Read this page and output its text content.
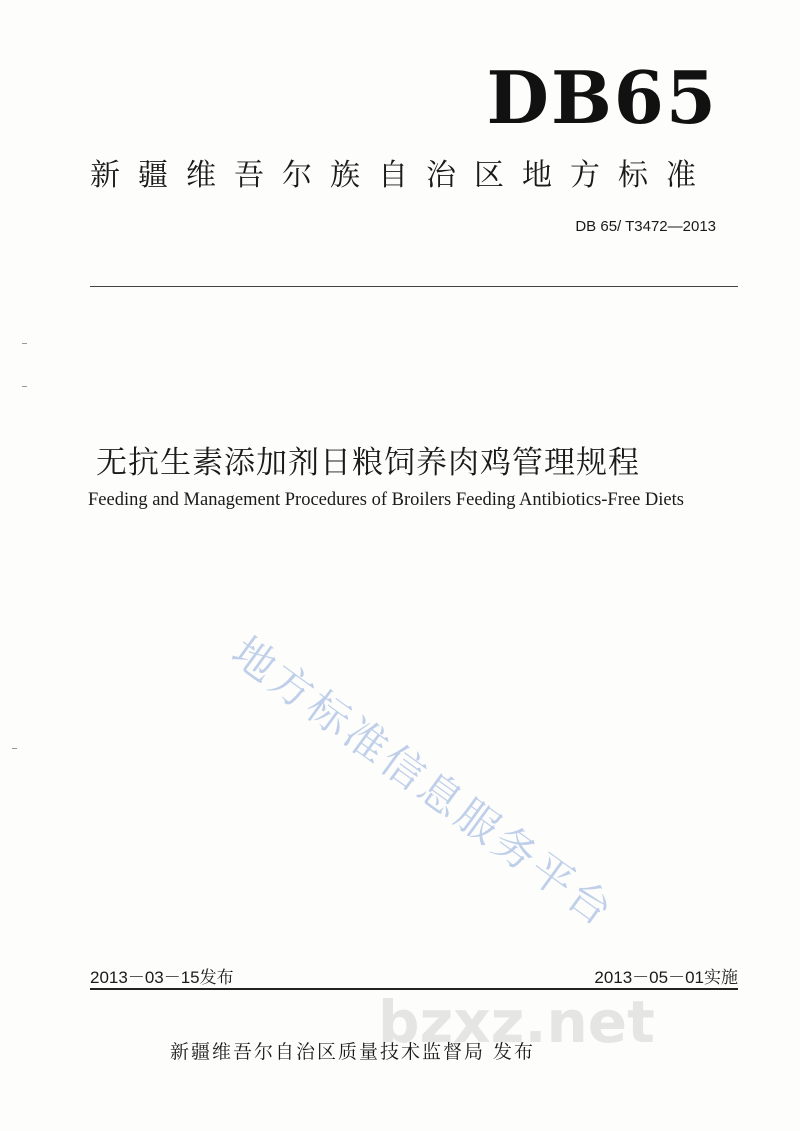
DB65
新疆维吾尔族自治区地方标准
DB 65/ T3472—2013
无抗生素添加剂日粮饲养肉鸡管理规程
Feeding and Management Procedures of Broilers Feeding Antibiotics-Free Diets
地方标准信息服务平台
2013－03－15发布	2013－05－01实施
bzxz.net
新疆维吾尔自治区质量技术监督局 发布
